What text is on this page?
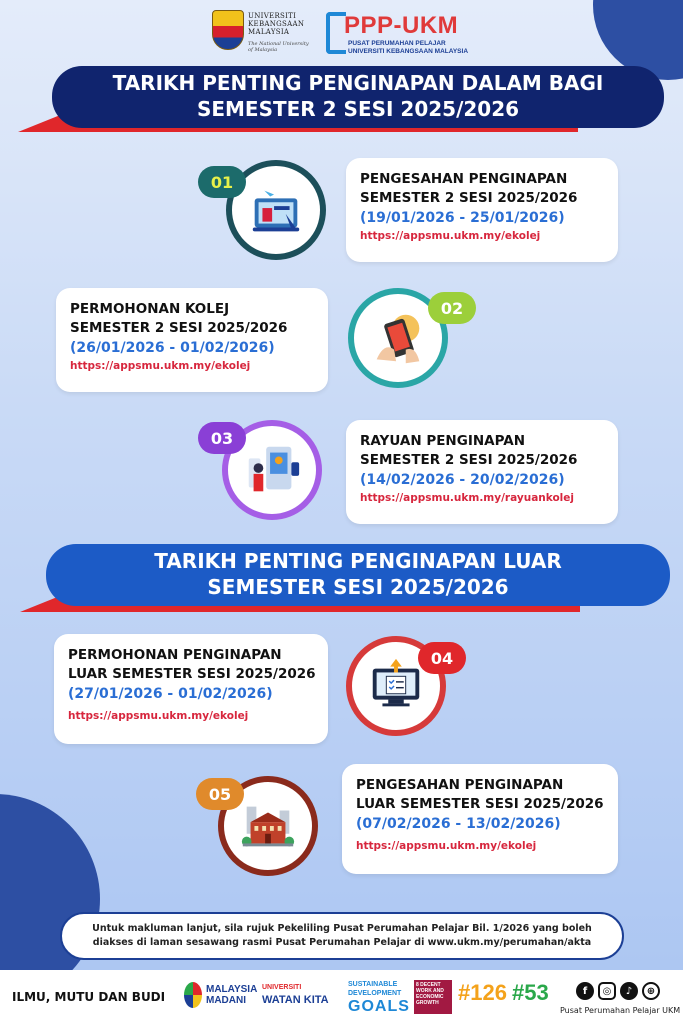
UNIVERSITI
KEBANGSAAN
MALAYSIA
The National University
of Malaysia
PPP-UKM
PUSAT PERUMAHAN PELAJAR
UNIVERSITI KEBANGSAAN MALAYSIA
TARIKH PENTING PENGINAPAN DALAM BAGI
SEMESTER 2 SESI 2025/2026
01	PENGESAHAN PENGINAPAN
SEMESTER 2 SESI 2025/2026
(19/01/2026 - 25/01/2026)
https://appsmu.ukm.my/ekolej
PERMOHONAN KOLEJ
SEMESTER 2 SESI 2025/2026
(26/01/2026 - 01/02/2026)
https://appsmu.ukm.my/ekolej
02
03	RAYUAN PENGINAPAN
SEMESTER 2 SESI 2025/2026
(14/02/2026 - 20/02/2026)
https://appsmu.ukm.my/rayuankolej
TARIKH PENTING PENGINAPAN LUAR
SEMESTER SESI 2025/2026
PERMOHONAN PENGINAPAN
LUAR SEMESTER SESI 2025/2026
(27/01/2026 - 01/02/2026)
https://appsmu.ukm.my/ekolej
04
05	PENGESAHAN PENGINAPAN
LUAR SEMESTER SESI 2025/2026
(07/02/2026 - 13/02/2026)
https://appsmu.ukm.my/ekolej
Untuk makluman lanjut, sila rujuk Pekeliling Pusat Perumahan Pelajar Bil. 1/2026 yang boleh
diakses di laman sesawang rasmi Pusat Perumahan Pelajar di www.ukm.my/perumahan/akta
ILMU, MUTU DAN BUDI
MALAYSIA
MADANI
UNIVERSITI
WATAN KITA
SUSTAINABLE
DEVELOPMENT
GOALS
8 DECENT WORK AND ECONOMIC GROWTH #126 #53	f	◎	♪	⊕
Pusat Perumahan Pelajar UKM
